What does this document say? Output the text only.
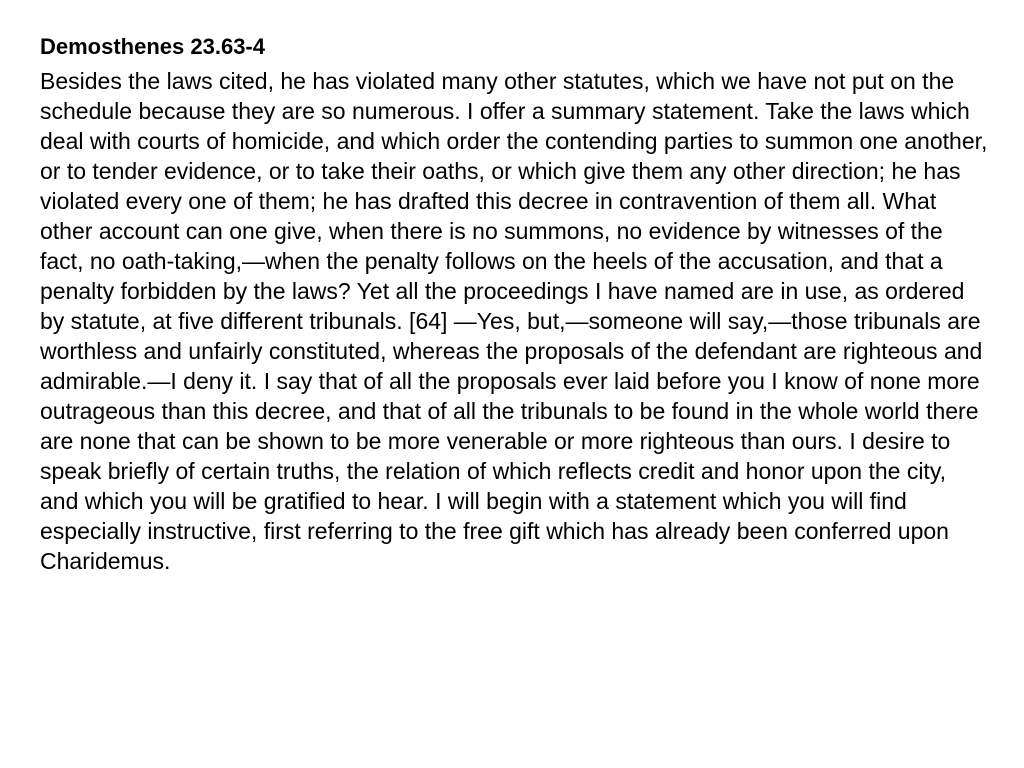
Demosthenes 23.63-4

Besides the laws cited, he has violated many other statutes, which we have not put on the schedule because they are so numerous. I offer a summary statement. Take the laws which deal with courts of homicide, and which order the contending parties to summon one another, or to tender evidence, or to take their oaths, or which give them any other direction; he has violated every one of them; he has drafted this decree in contravention of them all. What other account can one give, when there is no summons, no evidence by witnesses of the fact, no oath-taking,—when the penalty follows on the heels of the accusation, and that a penalty forbidden by the laws? Yet all the proceedings I have named are in use, as ordered by statute, at five different tribunals. [64] —Yes, but,—someone will say,—those tribunals are worthless and unfairly constituted, whereas the proposals of the defendant are righteous and admirable.—I deny it. I say that of all the proposals ever laid before you I know of none more outrageous than this decree, and that of all the tribunals to be found in the whole world there are none that can be shown to be more venerable or more righteous than ours. I desire to speak briefly of certain truths, the relation of which reflects credit and honor upon the city, and which you will be gratified to hear. I will begin with a statement which you will find especially instructive, first referring to the free gift which has already been conferred upon Charidemus.
